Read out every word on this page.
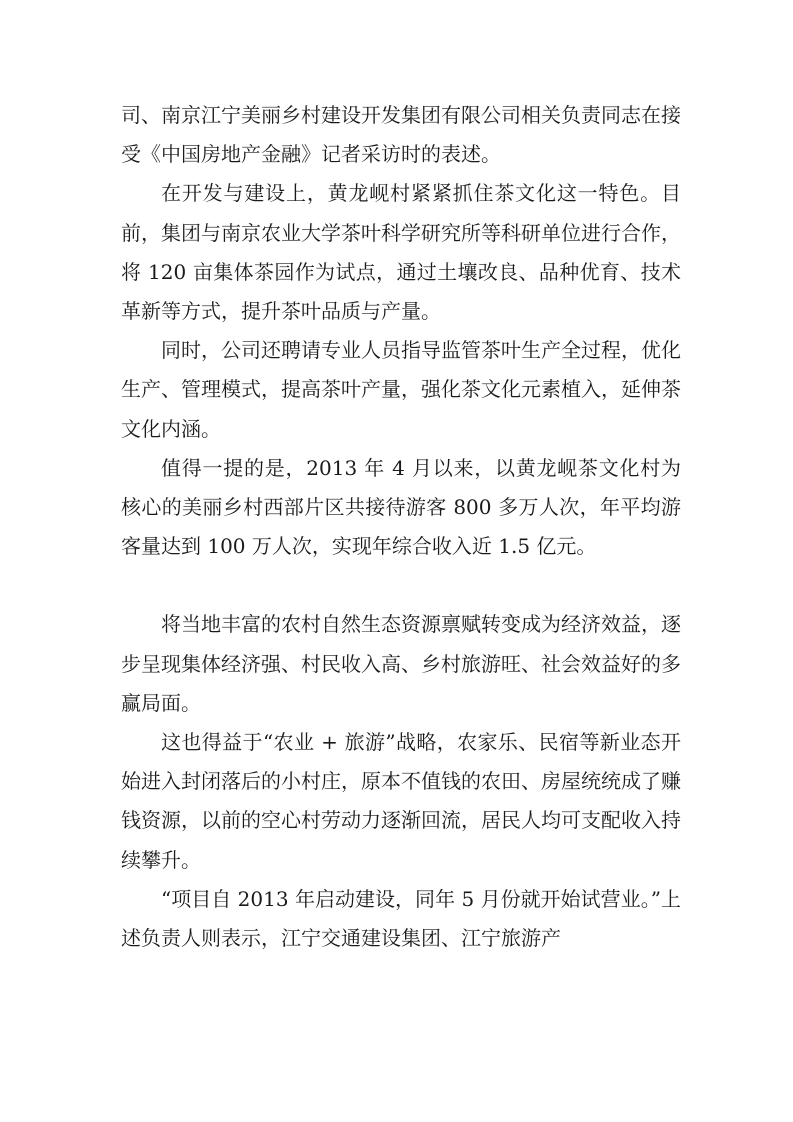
司、南京江宁美丽乡村建设开发集团有限公司相关负责同志在接受《中国房地产金融》记者采访时的表述。

在开发与建设上，黄龙岘村紧紧抓住茶文化这一特色。目前，集团与南京农业大学茶叶科学研究所等科研单位进行合作，将 120 亩集体茶园作为试点，通过土壤改良、品种优育、技术革新等方式，提升茶叶品质与产量。

同时，公司还聘请专业人员指导监管茶叶生产全过程，优化生产、管理模式，提高茶叶产量，强化茶文化元素植入，延伸茶文化内涵。

值得一提的是，2013 年 4 月以来，以黄龙岘茶文化村为核心的美丽乡村西部片区共接待游客 800 多万人次，年平均游客量达到 100 万人次，实现年综合收入近 1.5 亿元。

将当地丰富的农村自然生态资源禀赋转变成为经济效益，逐步呈现集体经济强、村民收入高、乡村旅游旺、社会效益好的多赢局面。

这也得益于“农业 + 旅游”战略，农家乐、民宿等新业态开始进入封闭落后的小村庄，原本不值钱的农田、房屋统统成了赚钱资源，以前的空心村劳动力逐渐回流，居民人均可支配收入持续攀升。

“项目自 2013 年启动建设，同年 5 月份就开始试营业。”上述负责人则表示，江宁交通建设集团、江宁旅游产
